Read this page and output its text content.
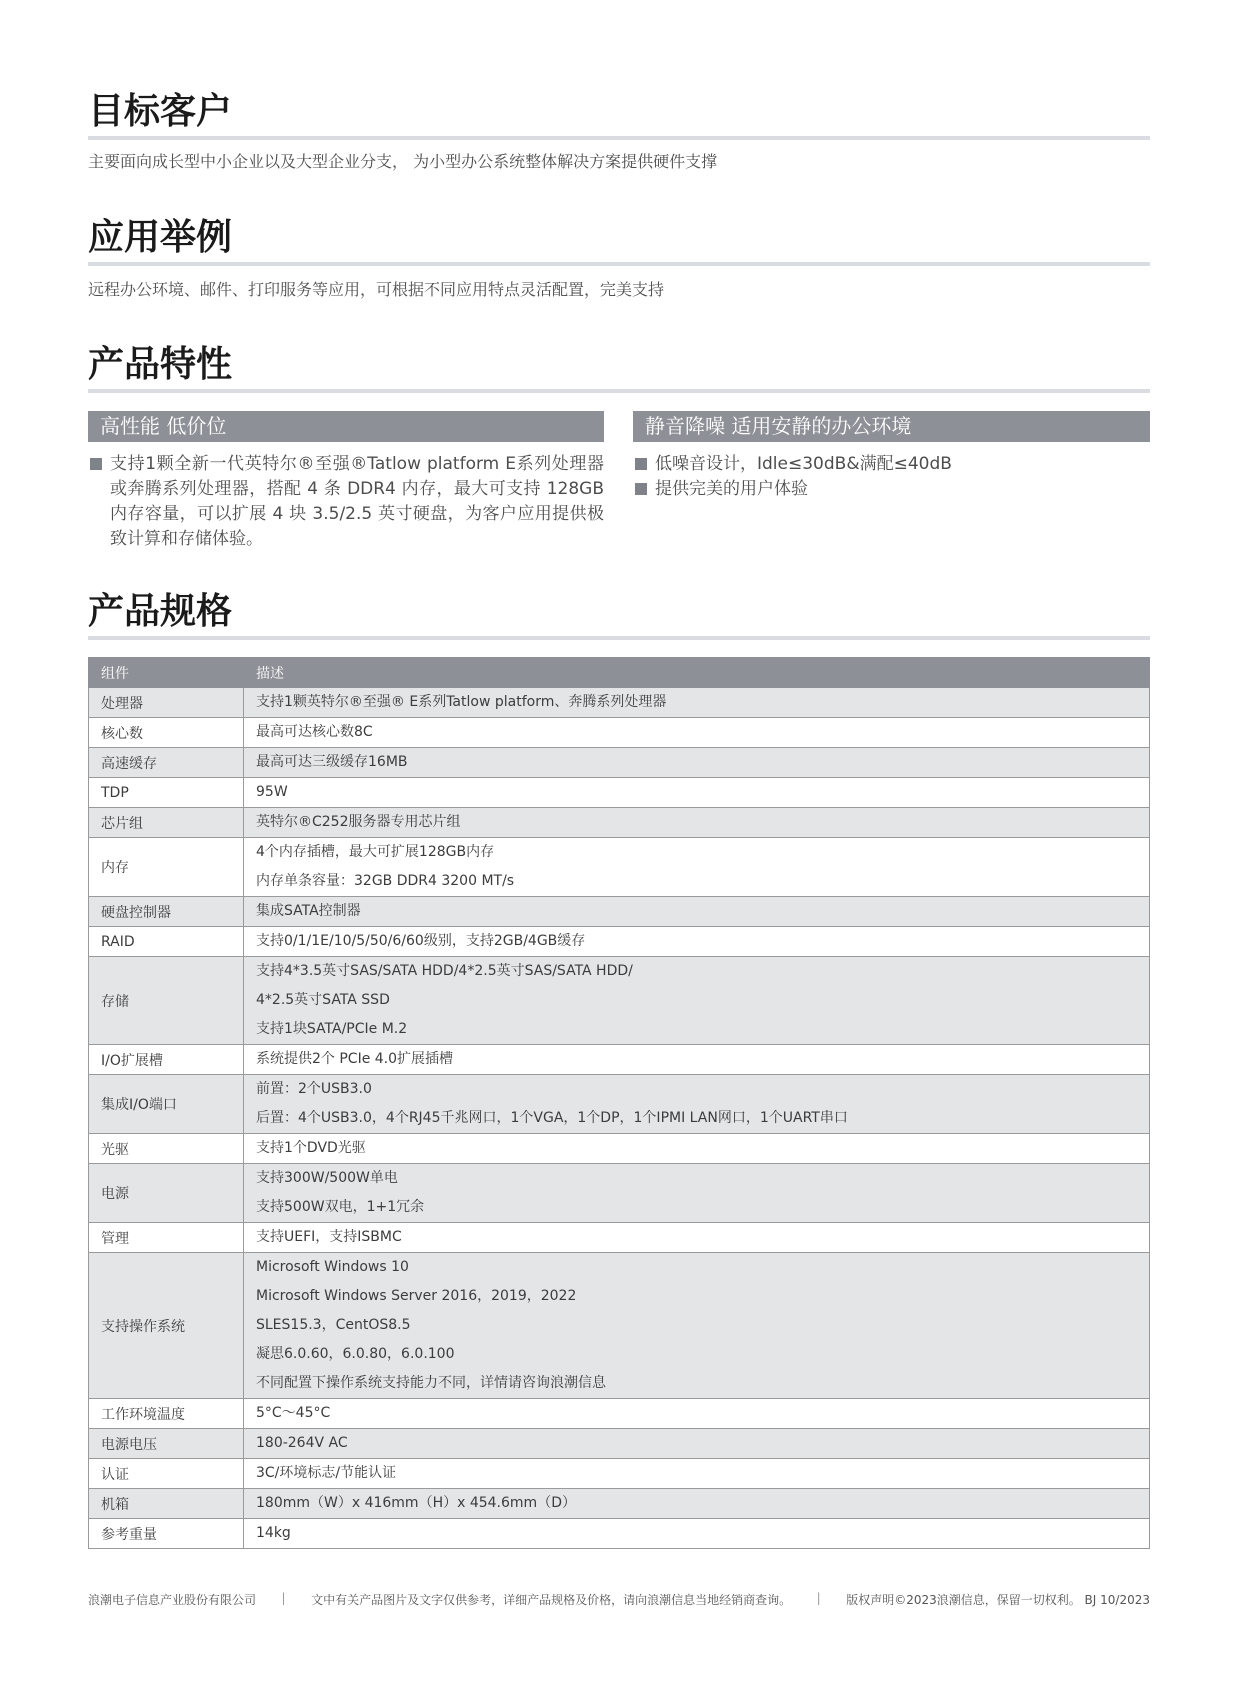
目标客户
主要面向成长型中小企业以及大型企业分支， 为小型办公系统整体解决方案提供硬件支撑
应用举例
远程办公环境、邮件、打印服务等应用，可根据不同应用特点灵活配置，完美支持
产品特性
高性能 低价位
支持1颗全新一代英特尔®至强®Tatlow platform E系列处理器或奔腾系列处理器，搭配 4 条 DDR4 内存，最大可支持 128GB 内存容量，可以扩展 4 块 3.5/2.5 英寸硬盘，为客户应用提供极致计算和存储体验。
静音降噪 适用安静的办公环境
低噪音设计，Idle≤30dB&满配≤40dB
提供完美的用户体验
产品规格
组件	描述
处理器	支持1颗英特尔®至强® E系列Tatlow platform、奔腾系列处理器

核心数	最高可达核心数8C

高速缓存	最高可达三级缓存16MB

TDP	95W

芯片组	英特尔®C252服务器专用芯片组

内存	4个内存插槽，最大可扩展128GB内存
内存单条容量：32GB DDR4 3200 MT/s

硬盘控制器	集成SATA控制器

RAID	支持0/1/1E/10/5/50/6/60级别，支持2GB/4GB缓存

存储	支持4*3.5英寸SAS/SATA HDD/4*2.5英寸SAS/SATA HDD/
4*2.5英寸SATA SSD
支持1块SATA/PCIe M.2

I/O扩展槽	系统提供2个 PCIe 4.0扩展插槽

集成I/O端口	前置：2个USB3.0
后置：4个USB3.0，4个RJ45千兆网口，1个VGA，1个DP，1个IPMI LAN网口，1个UART串口

光驱	支持1个DVD光驱

电源	支持300W/500W单电
支持500W双电，1+1冗余

管理	支持UEFI，支持ISBMC

支持操作系统	Microsoft Windows 10
Microsoft Windows Server 2016，2019，2022
SLES15.3，CentOS8.5
凝思6.0.60，6.0.80，6.0.100
不同配置下操作系统支持能力不同，详情请咨询浪潮信息

工作环境温度	5°C～45°C

电源电压	180-264V AC

认证	3C/环境标志/节能认证

机箱	180mm（W）x 416mm（H）x 454.6mm（D）

参考重量	14kg
浪潮电子信息产业股份有限公司 | 文中有关产品图片及文字仅供参考，详细产品规格及价格，请向浪潮信息当地经销商查询。 | 版权声明©2023浪潮信息，保留一切权利。 BJ 10/2023
